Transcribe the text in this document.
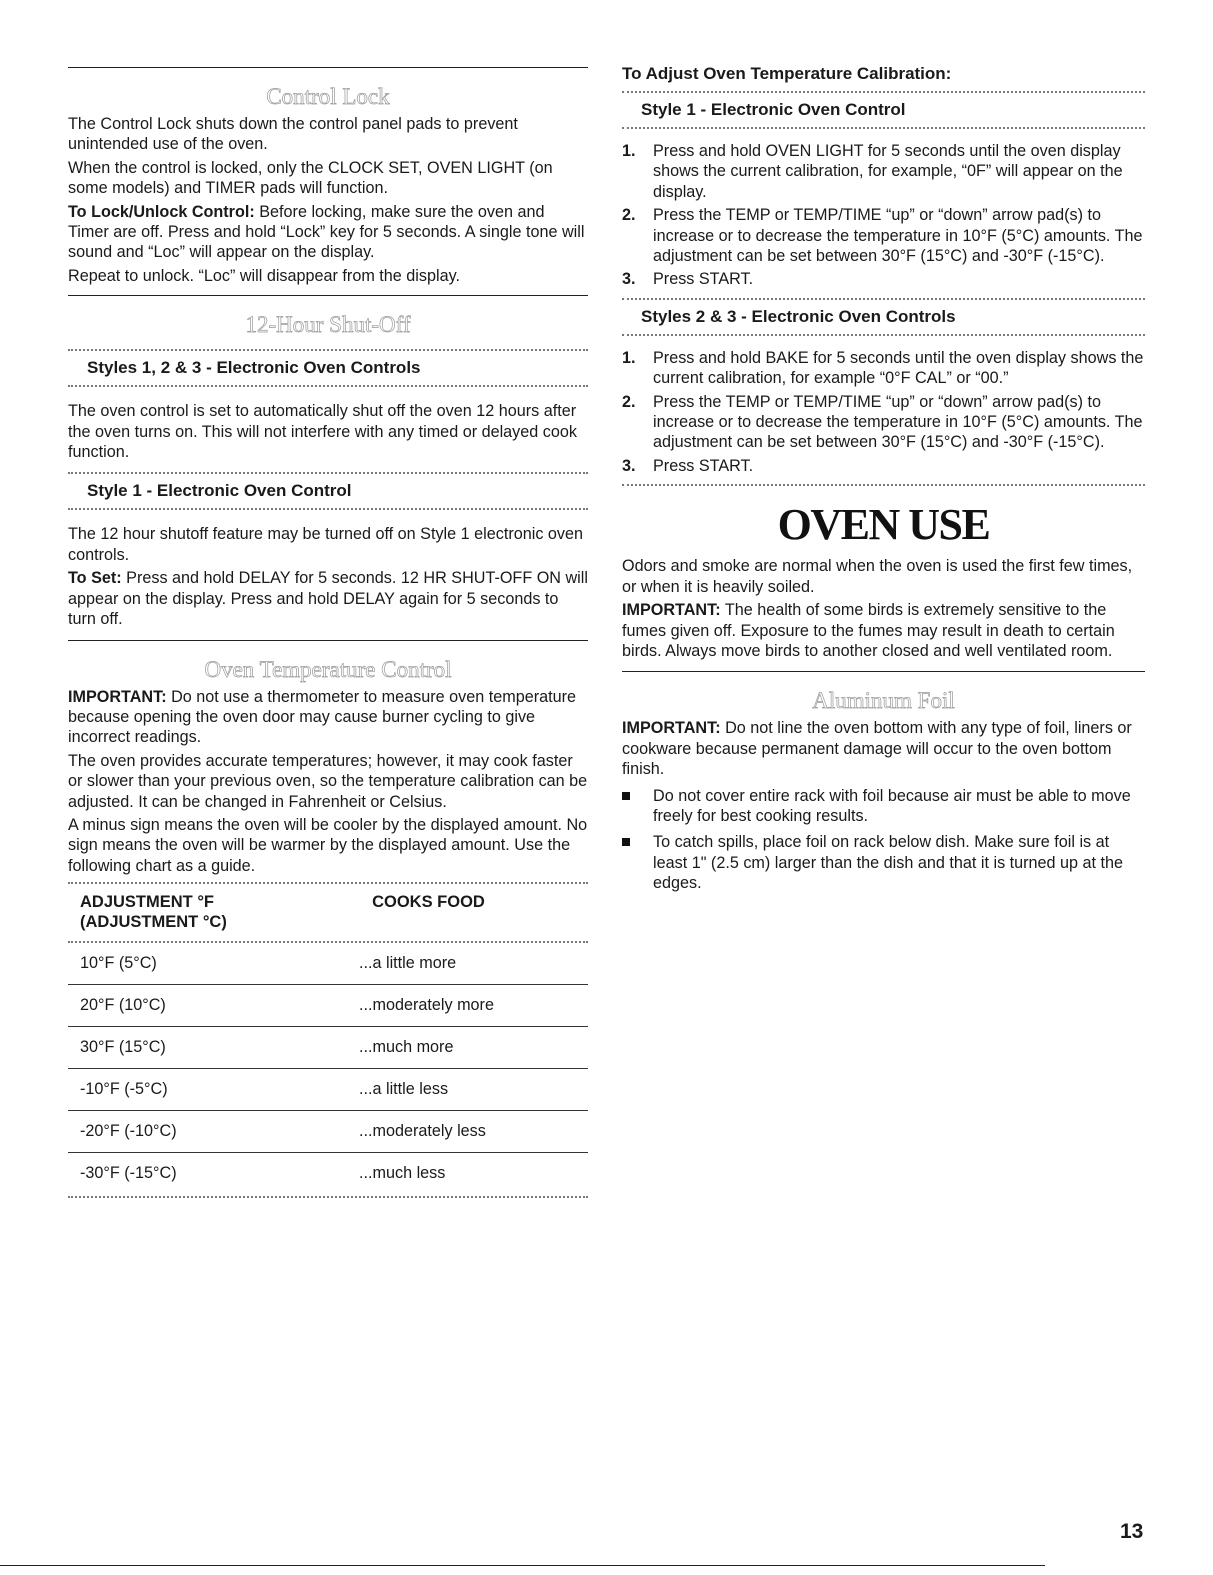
Control Lock

The Control Lock shuts down the control panel pads to prevent unintended use of the oven.

When the control is locked, only the CLOCK SET, OVEN LIGHT (on some models) and TIMER pads will function.

To Lock/Unlock Control: Before locking, make sure the oven and Timer are off. Press and hold “Lock” key for 5 seconds. A single tone will sound and “Loc” will appear on the display.

Repeat to unlock. “Loc” will disappear from the display.

12-Hour Shut-Off
Styles 1, 2 & 3 - Electronic Oven Controls

The oven control is set to automatically shut off the oven 12 hours after the oven turns on. This will not interfere with any timed or delayed cook function.

Style 1 - Electronic Oven Control

The 12 hour shutoff feature may be turned off on Style 1 electronic oven controls.

To Set: Press and hold DELAY for 5 seconds. 12 HR SHUT-OFF ON will appear on the display. Press and hold DELAY again for 5 seconds to turn off.

Oven Temperature Control

IMPORTANT: Do not use a thermometer to measure oven temperature because opening the oven door may cause burner cycling to give incorrect readings.

The oven provides accurate temperatures; however, it may cook faster or slower than your previous oven, so the temperature calibration can be adjusted. It can be changed in Fahrenheit or Celsius.

A minus sign means the oven will be cooler by the displayed amount. No sign means the oven will be warmer by the displayed amount. Use the following chart as a guide.

ADJUSTMENT °F
(ADJUSTMENT °C)
	COOKS FOOD
10°F (5°C)	...a little more
20°F (10°C)	...moderately more
30°F (15°C)	...much more
-10°F (-5°C)	...a little less
-20°F (-10°C)	...moderately less
-30°F (-15°C)	...much less
To Adjust Oven Temperature Calibration:
Style 1 - Electronic Oven Control
1. Press and hold OVEN LIGHT for 5 seconds until the oven display shows the current calibration, for example, “0F” will appear on the display.
2. Press the TEMP or TEMP/TIME “up” or “down” arrow pad(s) to increase or to decrease the temperature in 10°F (5°C) amounts. The adjustment can be set between 30°F (15°C) and -30°F (-15°C).
3. Press START.
Styles 2 & 3 - Electronic Oven Controls
1. Press and hold BAKE for 5 seconds until the oven display shows the current calibration, for example “0°F CAL” or “00.”
2. Press the TEMP or TEMP/TIME “up” or “down” arrow pad(s) to increase or to decrease the temperature in 10°F (5°C) amounts. The adjustment can be set between 30°F (15°C) and -30°F (-15°C).
3. Press START.
OVEN USE

Odors and smoke are normal when the oven is used the first few times, or when it is heavily soiled.

IMPORTANT: The health of some birds is extremely sensitive to the fumes given off. Exposure to the fumes may result in death to certain birds. Always move birds to another closed and well ventilated room.

Aluminum Foil

IMPORTANT: Do not line the oven bottom with any type of foil, liners or cookware because permanent damage will occur to the oven bottom finish.

Do not cover entire rack with foil because air must be able to move freely for best cooking results.
To catch spills, place foil on rack below dish. Make sure foil is at least 1" (2.5 cm) larger than the dish and that it is turned up at the edges.
13
